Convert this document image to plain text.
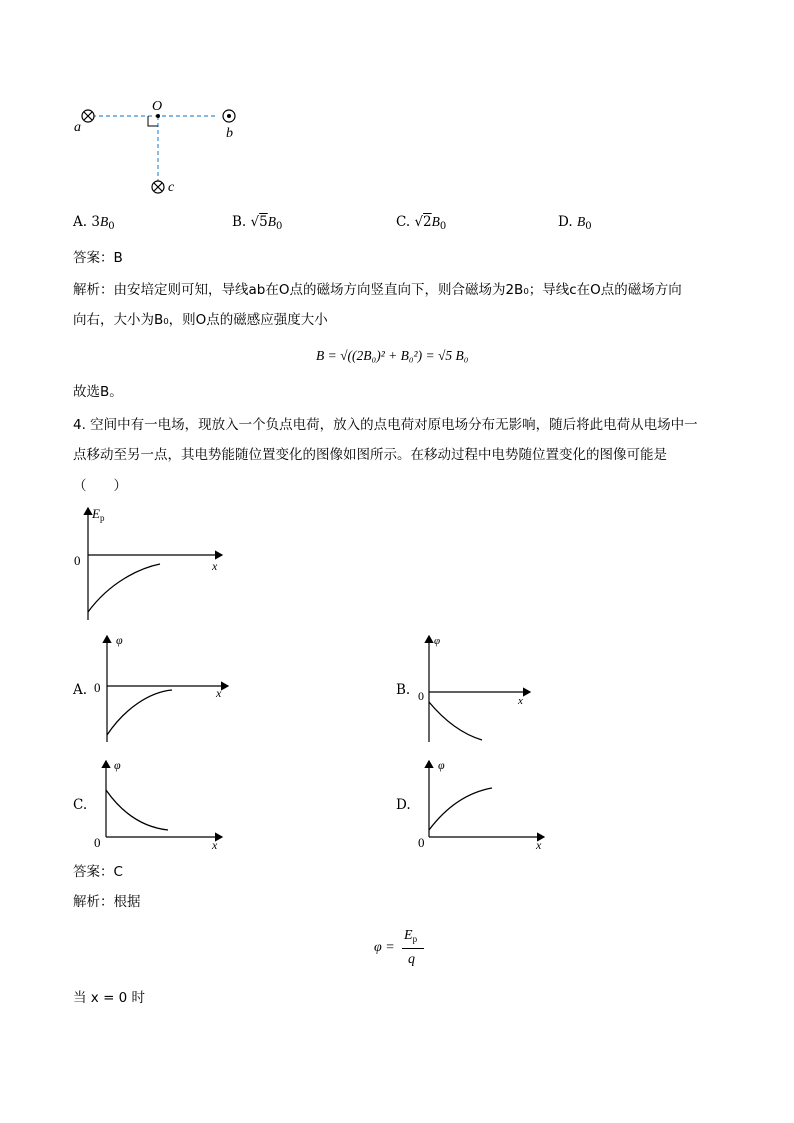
a	b
c
O
A. $3B_0$	B. $√5B_0$	C. $√2B_0$	D. $B_0$
答案：B
解析：由安培定则可知，导线ab在O点的磁场方向竖直向下，则合磁场为2B₀；导线c在O点的磁场方向
向右，大小为B₀，则O点的磁感应强度大小
B = √((2B₀)² + B₀²) = √5 B₀
故选B。
4. 空间中有一电场，现放入一个负点电荷，放入的点电荷对原电场分布无影响，随后将此电荷从电场中一
点移动至另一点，其电势能随位置变化的图像如图所示。在移动过程中电势随位置变化的图像可能是
（　　）
$E_p$
0	x
A.
φ
0	x	B.
φ
0	x
C.
φ
0	x
D.
φ
0	x
答案：C
解析：根据
φ =
$E_p$
q
当 x = 0 时
